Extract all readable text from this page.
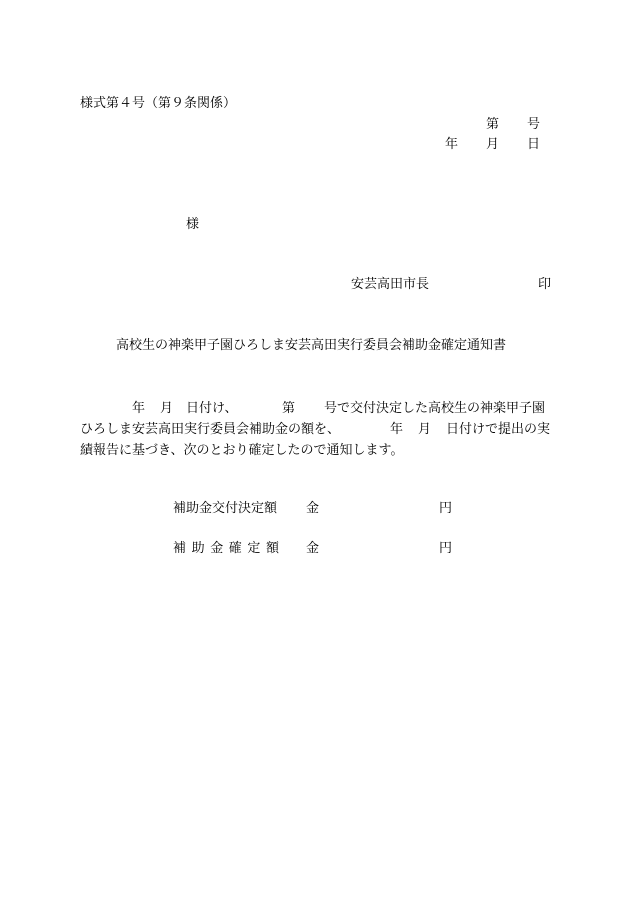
様式第４号（第９条関係）
第 号
年 月 日
様
安芸高田市長	印
高校生の神楽甲子園ひろしま安芸高田実行委員会補助金確定通知書
年 月 日付け、	第 号で交付決定した高校生の神楽甲子園
ひろしま安芸高田実行委員会補助金の額を、	年 月 日付けで提出の実
績報告に基づき、次のとおり確定したので通知します。
補助金交付決定額 金	円
補助金確定額 金	円
